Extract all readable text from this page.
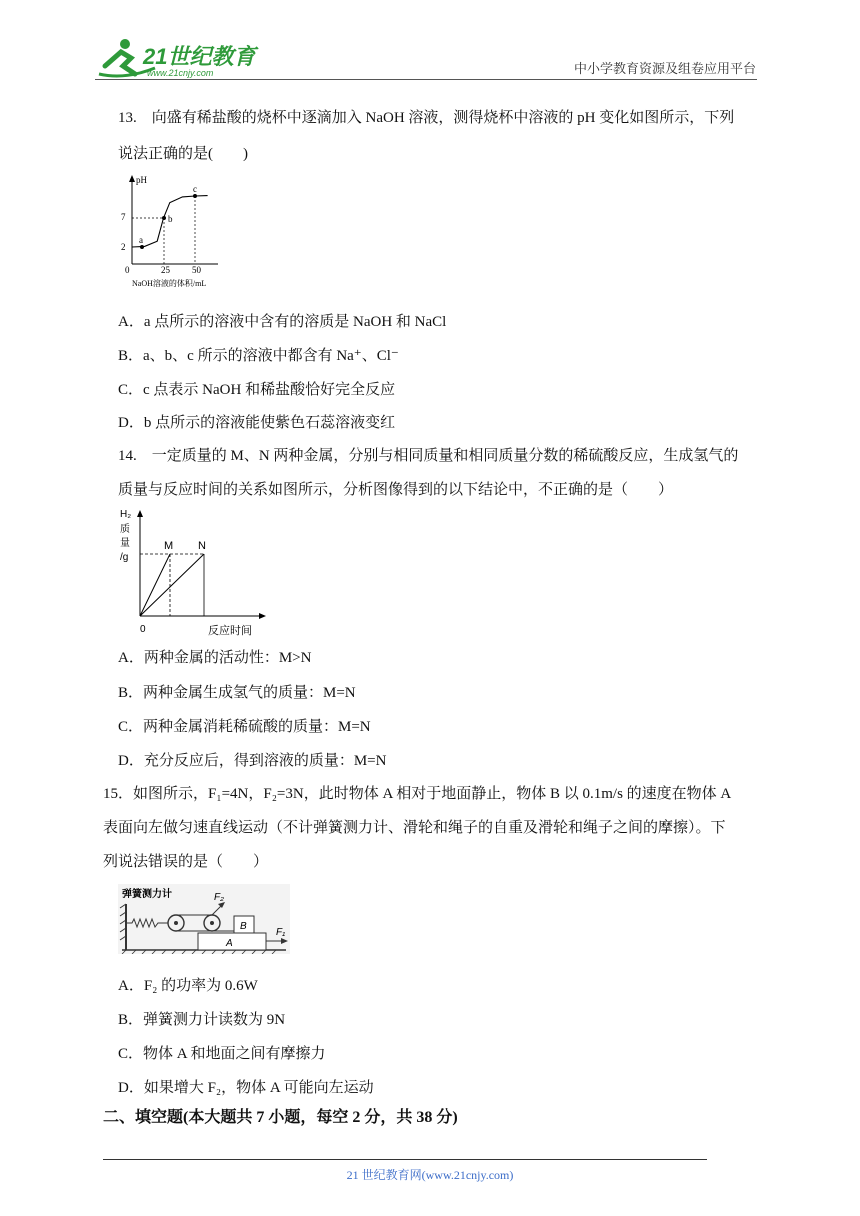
21世纪教育
www.21cnjy.com	中小学教育资源及组卷应用平台
13.　向盛有稀盐酸的烧杯中逐滴加入 NaOH 溶液，测得烧杯中溶液的 pH 变化如图所示，下列
说法正确的是(　　)
pH
2
7
0	25 50
NaOH溶液的体积/mL
a
b
c
A．a 点所示的溶液中含有的溶质是 NaOH 和 NaCl
B．a、b、c 所示的溶液中都含有 Na⁺、Cl⁻
C．c 点表示 NaOH 和稀盐酸恰好完全反应
D．b 点所示的溶液能使紫色石蕊溶液变红
14.　一定质量的 M、N 两种金属，分别与相同质量和相同质量分数的稀硫酸反应，生成氢气的
质量与反应时间的关系如图所示，分析图像得到的以下结论中，不正确的是（　　）
H₂
质
量
/g
M N
0	反应时间
A．两种金属的活动性：M>N
B．两种金属生成氢气的质量：M=N
C．两种金属消耗稀硫酸的质量：M=N
D．充分反应后，得到溶液的质量：M=N
15．如图所示，F₁=4N，F₂=3N，此时物体 A 相对于地面静止，物体 B 以 0.1m/s 的速度在物体 A
表面向左做匀速直线运动（不计弹簧测力计、滑轮和绳子的自重及滑轮和绳子之间的摩擦）。下
列说法错误的是（　　）
弹簧测力计	F₂
B
A
F₁
A．F₂ 的功率为 0.6W
B．弹簧测力计读数为 9N
C．物体 A 和地面之间有摩擦力
D．如果增大 F₂，物体 A 可能向左运动
二、填空题(本大题共 7 小题，每空 2 分，共 38 分)
21 世纪教育网(www.21cnjy.com)
